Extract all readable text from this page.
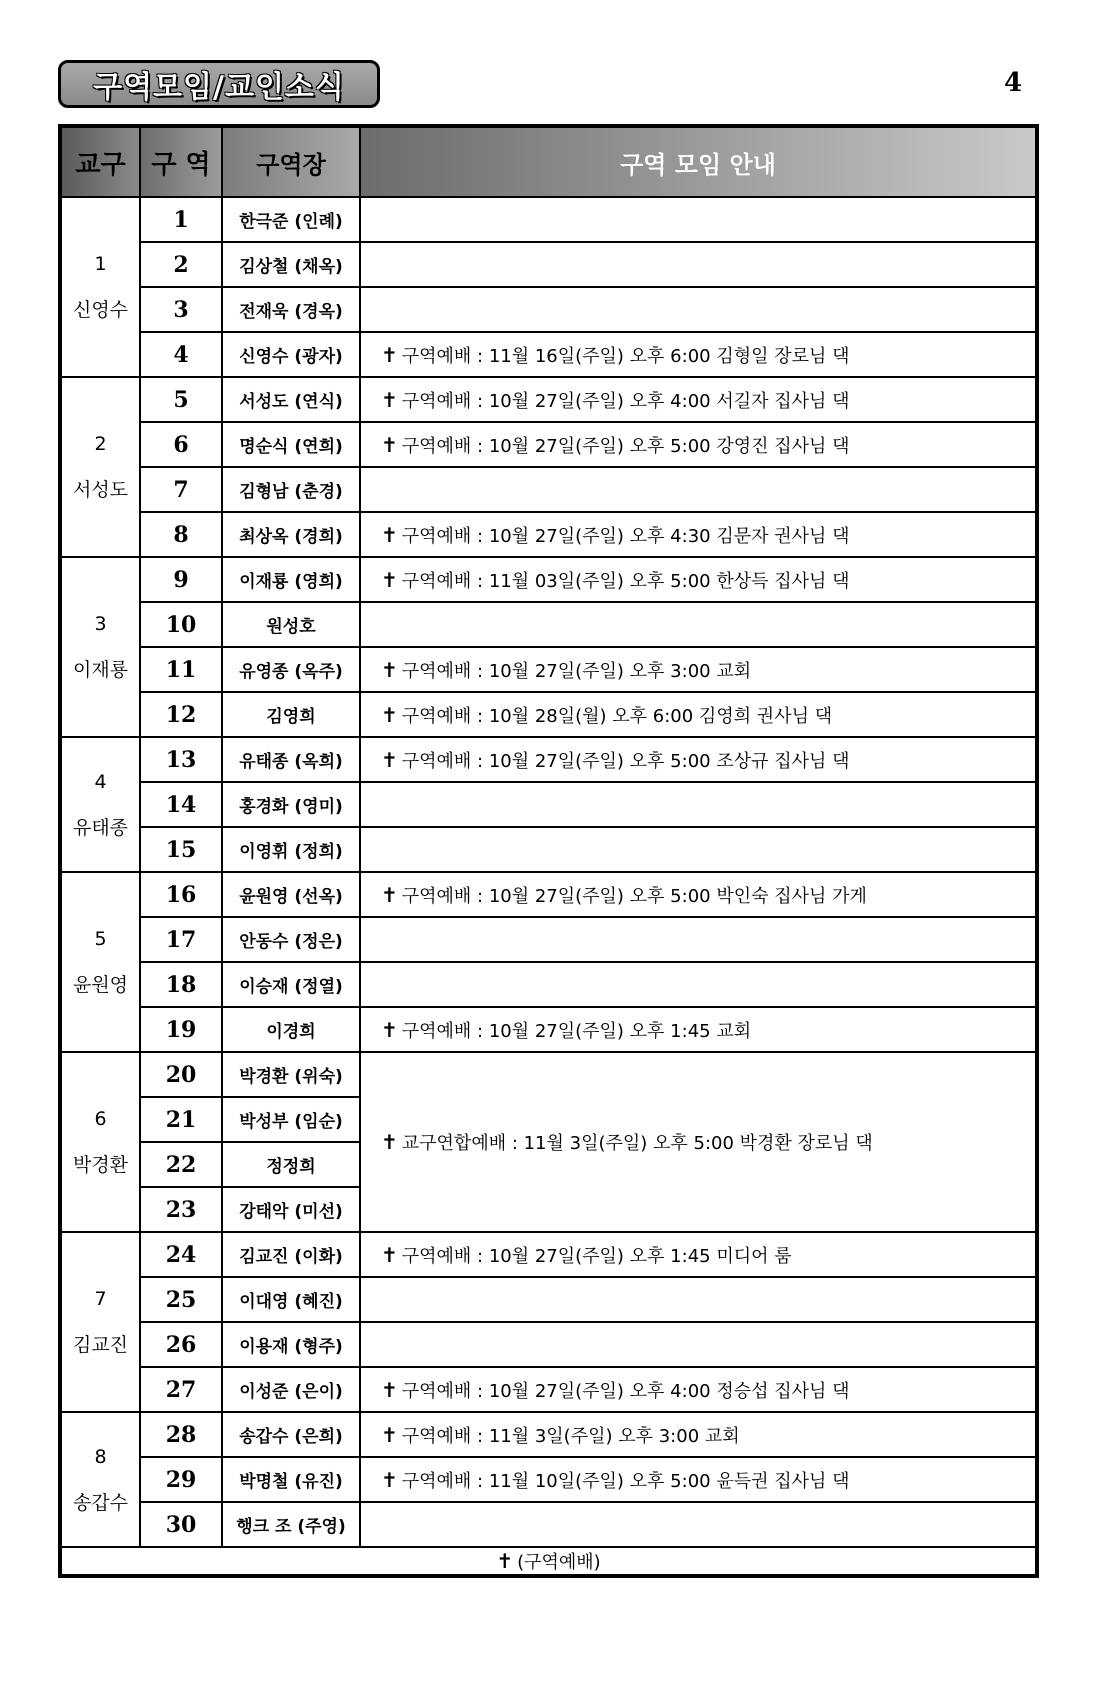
구역모임/교인소식	4
교구	구 역	구역장	구역 모임 안내

1
신영수	1	한극준 (인례)	
	2	김상철 (채옥)	
	3	전재욱 (경옥)	
	4	신영수 (광자)	✝ 구역예배 : 11월 16일(주일) 오후 6:00 김형일 장로님 댁

2
서성도	5	서성도 (연식)	✝ 구역예배 : 10월 27일(주일) 오후 4:00 서길자 집사님 댁
	6	명순식 (연희)	✝ 구역예배 : 10월 27일(주일) 오후 5:00 강영진 집사님 댁
	7	김형남 (춘경)	
	8	최상옥 (경희)	✝ 구역예배 : 10월 27일(주일) 오후 4:30 김문자 권사님 댁

3
이재룡	9	이재룡 (영희)	✝ 구역예배 : 11월 03일(주일) 오후 5:00 한상득 집사님 댁
	10	원성호	
	11	유영종 (옥주)	✝ 구역예배 : 10월 27일(주일) 오후 3:00 교회
	12	김영희	✝ 구역예배 : 10월 28일(월) 오후 6:00 김영희 권사님 댁

4
유태종	13	유태종 (옥희)	✝ 구역예배 : 10월 27일(주일) 오후 5:00 조상규 집사님 댁
	14	홍경화 (영미)	
	15	이영휘 (정희)	

5
윤원영	16	윤원영 (선옥)	✝ 구역예배 : 10월 27일(주일) 오후 5:00 박인숙 집사님 가게
	17	안동수 (정은)	
	18	이승재 (정열)	
	19	이경희	✝ 구역예배 : 10월 27일(주일) 오후 1:45 교회

6
박경환	20	박경환 (위숙)	✝ 교구연합예배 : 11월 3일(주일) 오후 5:00 박경환 장로님 댁
	21	박성부 (임순)	
	22	정정희	
	23	강태악 (미선)	

7
김교진	24	김교진 (이화)	✝ 구역예배 : 10월 27일(주일) 오후 1:45 미디어 룸
	25	이대영 (혜진)	
	26	이용재 (형주)	
	27	이성준 (은이)	✝ 구역예배 : 10월 27일(주일) 오후 4:00 정승섭 집사님 댁

8
송갑수	28	송갑수 (은희)	✝ 구역예배 : 11월 3일(주일) 오후 3:00 교회
	29	박명철 (유진)	✝ 구역예배 : 11월 10일(주일) 오후 5:00 윤득권 집사님 댁
	30	행크 조 (주영)	
✝ (구역예배)			
